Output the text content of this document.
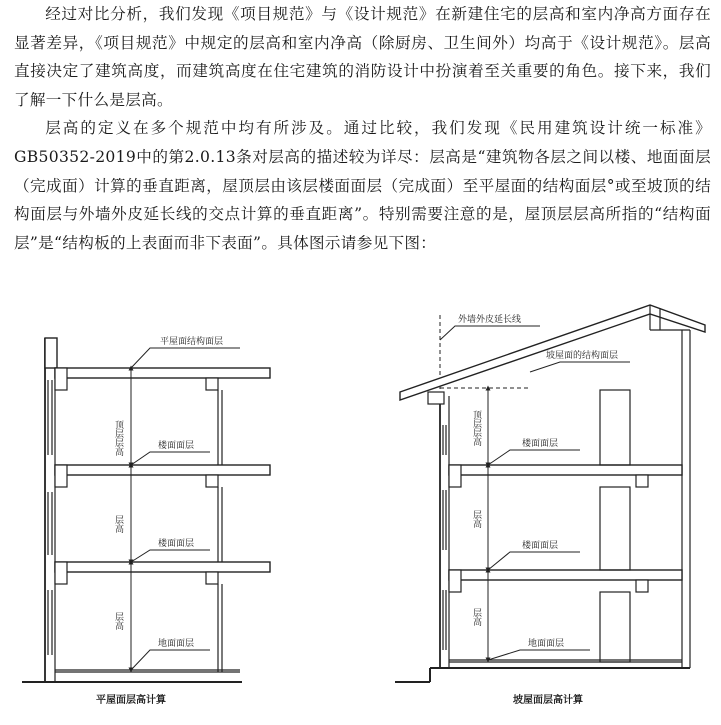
经过对比分析，我们发现《项目规范》与《设计规范》在新建住宅的层高和室内净高方面存在显著差异，《项目规范》中规定的层高和室内净高（除厨房、卫生间外）均高于《设计规范》。层高直接决定了建筑高度，而建筑高度在住宅建筑的消防设计中扮演着至关重要的角色。接下来，我们了解一下什么是层高。

层高的定义在多个规范中均有所涉及。通过比较，我们发现《民用建筑设计统一标准》GB50352-2019中的第2.0.13条对层高的描述较为详尽：层高是“建筑物各层之间以楼、地面面层（完成面）计算的垂直距离，屋顶层由该层楼面面层（完成面）至平屋面的结构面层°或至坡顶的结构面层与外墙外皮延长线的交点计算的垂直距离”。特别需要注意的是，屋顶层层高所指的“结构面层”是“结构板的上表面而非下表面”。具体图示请参见下图：

平屋面结构面层
楼面面层
楼面面层
地面面层
顶层层高
层高
层高
平屋面层高计算
外墙外皮延长线
坡屋面的结构面层
楼面面层
楼面面层
地面面层
顶层层高
层高
层高
坡屋面层高计算
